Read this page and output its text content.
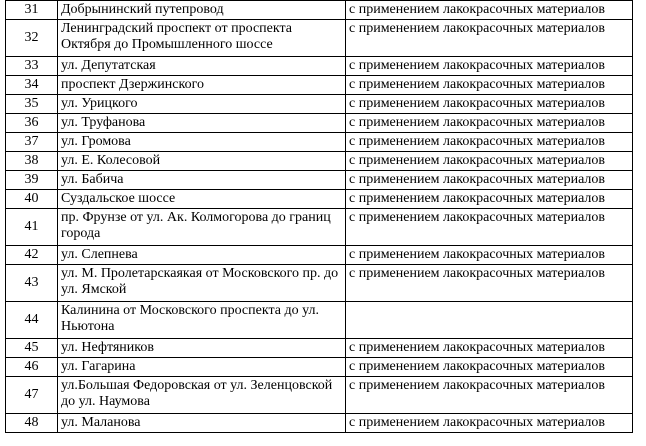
31	Добрынинский путепровод	с применением лакокрасочных материалов
32	Ленинградский проспект от проспекта Октября до Промышленного шоссе	с применением лакокрасочных материалов
33	ул. Депутатская	с применением лакокрасочных материалов
34	проспект Дзержинского	с применением лакокрасочных материалов
35	ул. Урицкого	с применением лакокрасочных материалов
36	ул. Труфанова	с применением лакокрасочных материалов
37	ул. Громова	с применением лакокрасочных материалов
38	ул. Е. Колесовой	с применением лакокрасочных материалов
39	ул. Бабича	с применением лакокрасочных материалов
40	Суздальское шоссе	с применением лакокрасочных материалов
41	пр. Фрунзе от ул. Ак. Колмогорова до границ города	с применением лакокрасочных материалов
42	ул. Слепнева	с применением лакокрасочных материалов
43	ул. М. Пролетарскаякая от Московского пр. до ул. Ямской	с применением лакокрасочных материалов
44	Калинина от Московского проспекта до ул. Ньютона	
45	ул. Нефтяников	с применением лакокрасочных материалов
46	ул. Гагарина	с применением лакокрасочных материалов
47	ул.Большая Федоровская от ул. Зеленцовской до ул. Наумова	с применением лакокрасочных материалов
48	ул. Маланова	с применением лакокрасочных материалов
